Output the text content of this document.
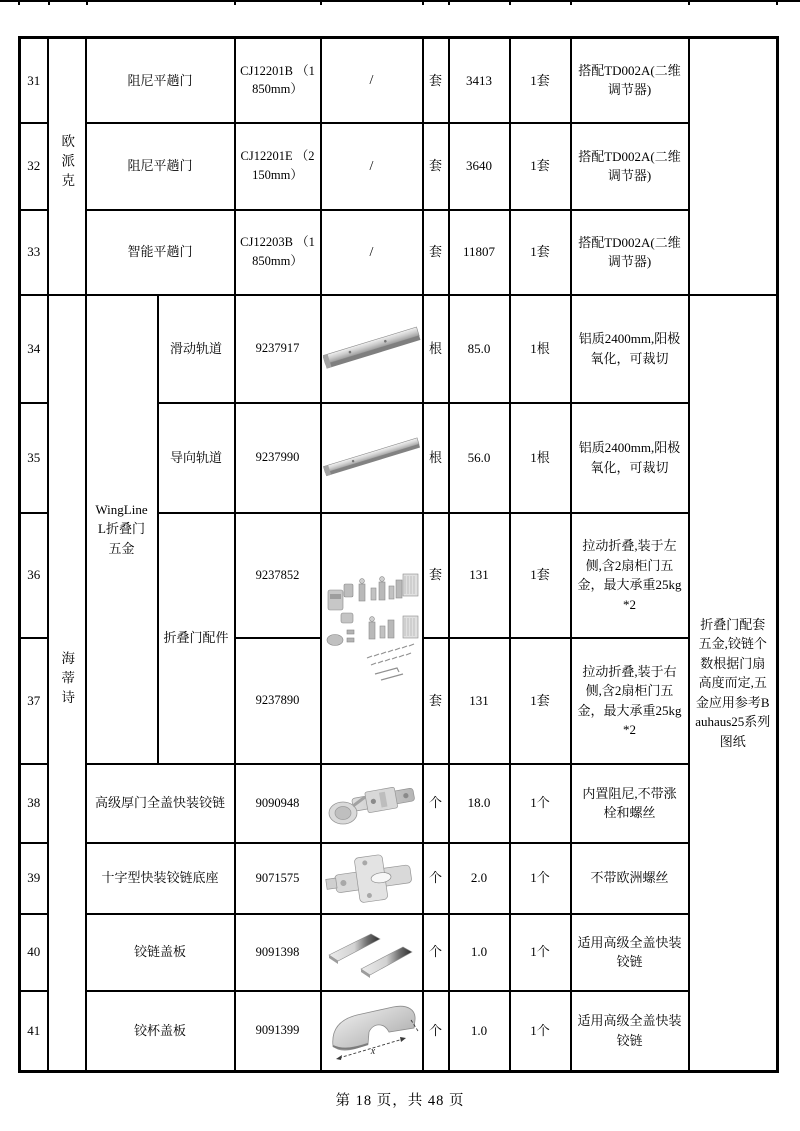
31	欧派克	阻尼平趟门		CJ12201B （1850mm）	/	套	3413	1套	搭配TD002A(二维调节器)	
32		阻尼平趟门		CJ12201E （2150mm）	/	套	3640	1套	搭配TD002A(二维调节器)	
33		智能平趟门		CJ12203B （1850mm）	/	套	11807	1套	搭配TD002A(二维调节器)	
34	海蒂诗	WingLine L折叠门五金	滑动轨道	9237917		根	85.0	1根	铝质2400mm,阳极氧化，可裁切	折叠门配套五金,铰链个数根据门扇高度而定,五金应用参考Bauhaus25系列图纸
35			导向轨道	9237990		根	56.0	1根	铝质2400mm,阳极氧化，可裁切	
36			折叠门配件	9237852		套	131	1套	拉动折叠,装于左侧,含2扇柜门五金，最大承重25kg*2	
37				9237890		套	131	1套	拉动折叠,装于右侧,含2扇柜门五金，最大承重25kg*2	
38		高级厚门全盖快装铰链		9090948		个	18.0	1个	内置阻尼,不带涨栓和螺丝	
39		十字型快装铰链底座		9071575		个	2.0	1个	不带欧洲螺丝	
40		铰链盖板		9091398		个	1.0	1个	适用高级全盖快装铰链	
41		铰杯盖板		9091399	x	个	1.0	1个	适用高级全盖快装铰链	
第 18 页，共 48 页
